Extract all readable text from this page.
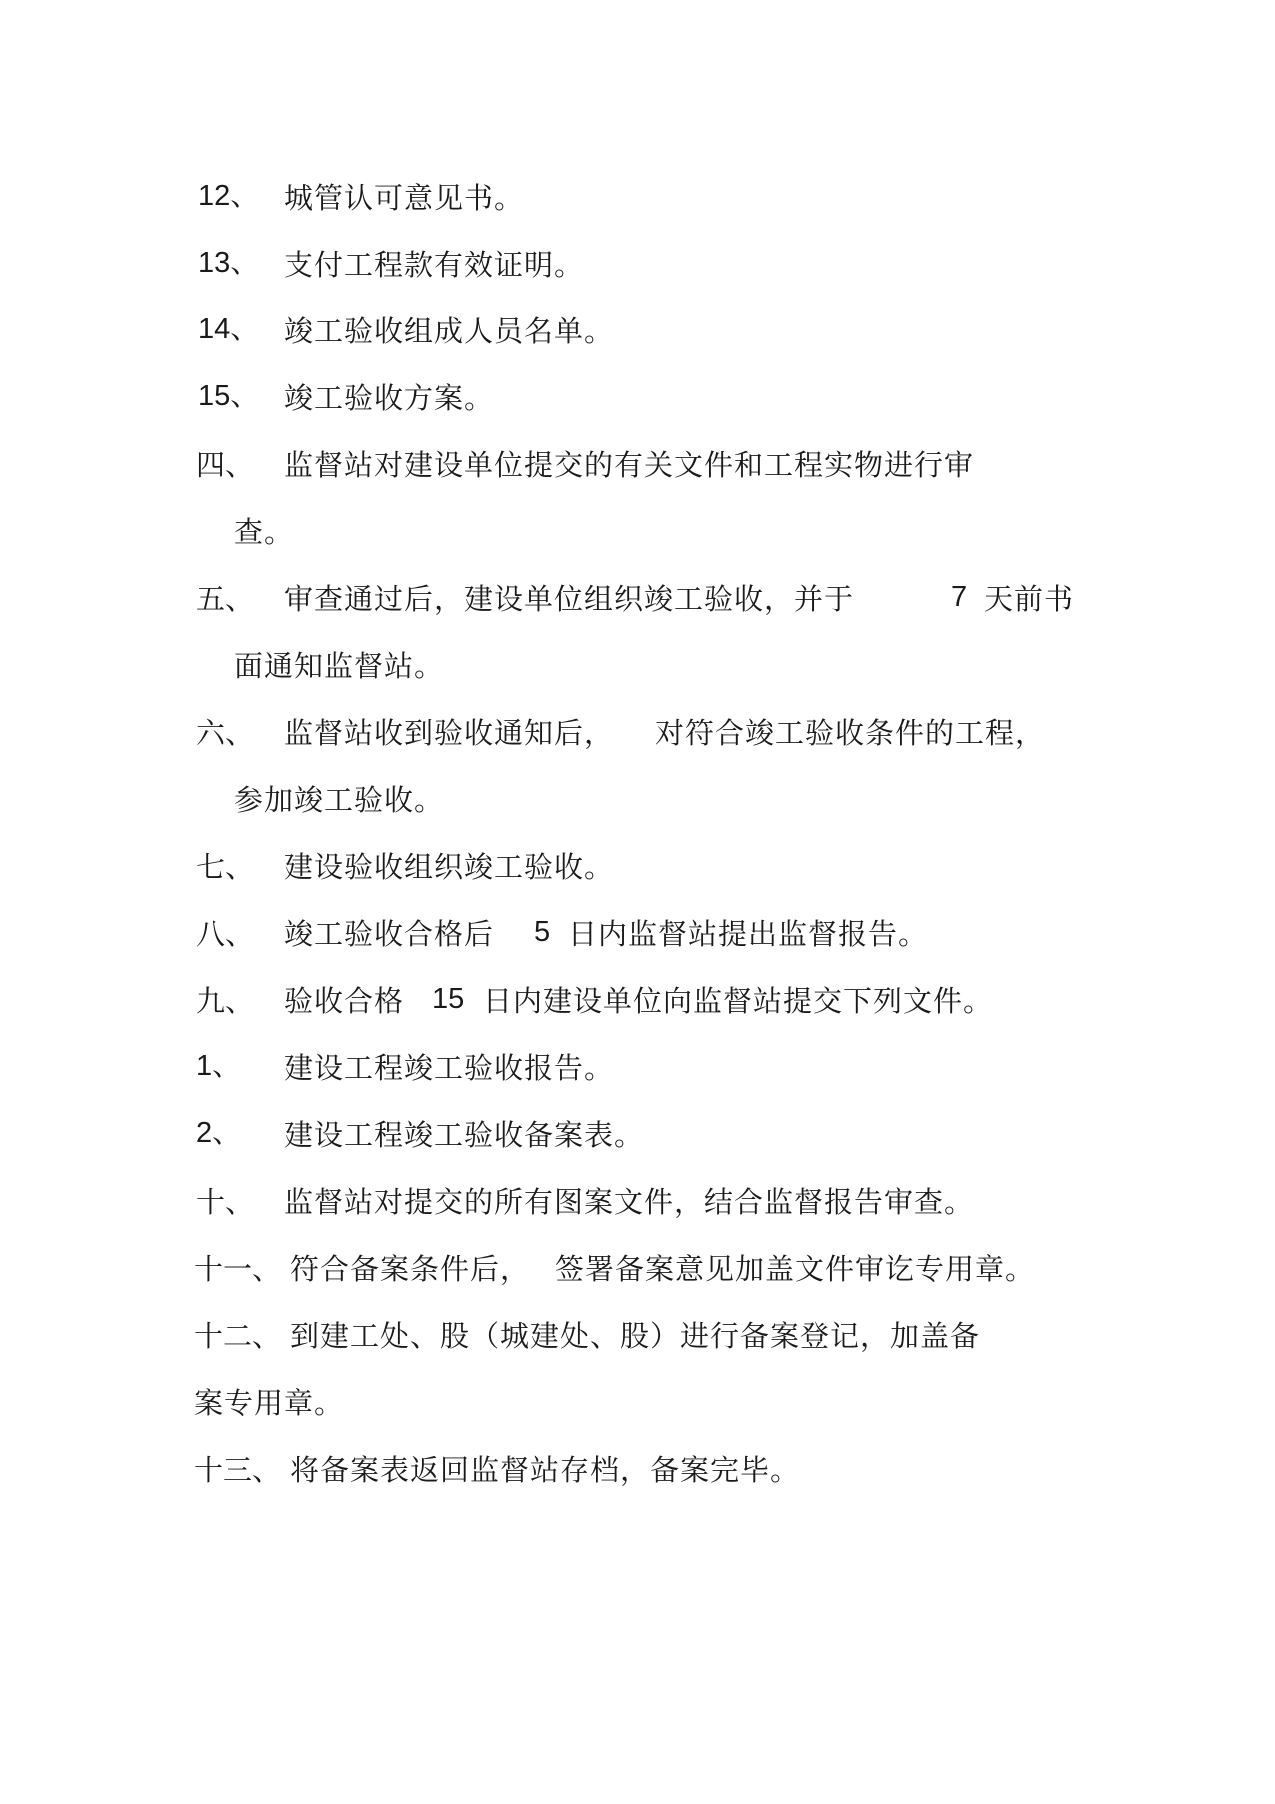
12、 城管认可意见书。
13、 支付工程款有效证明。
14、 竣工验收组成人员名单。
15、 竣工验收方案。
四、 监督站对建设单位提交的有关文件和工程实物进行审
查。
五、 审查通过后，建设单位组织竣工验收，并于	7 天前书
面通知监督站。
六、 监督站收到验收通知后， 对符合竣工验收条件的工程，
参加竣工验收。
七、 建设验收组织竣工验收。
八、 竣工验收合格后 5 日内监督站提出监督报告。
九、 验收合格 15 日内建设单位向监督站提交下列文件。
1、 建设工程竣工验收报告。
2、 建设工程竣工验收备案表。
十、 监督站对提交的所有图案文件，结合监督报告审查。
十一、 符合备案条件后， 签署备案意见加盖文件审讫专用章。
十二、 到建工处、股（城建处、股）进行备案登记，加盖备
案专用章。
十三、 将备案表返回监督站存档，备案完毕。
